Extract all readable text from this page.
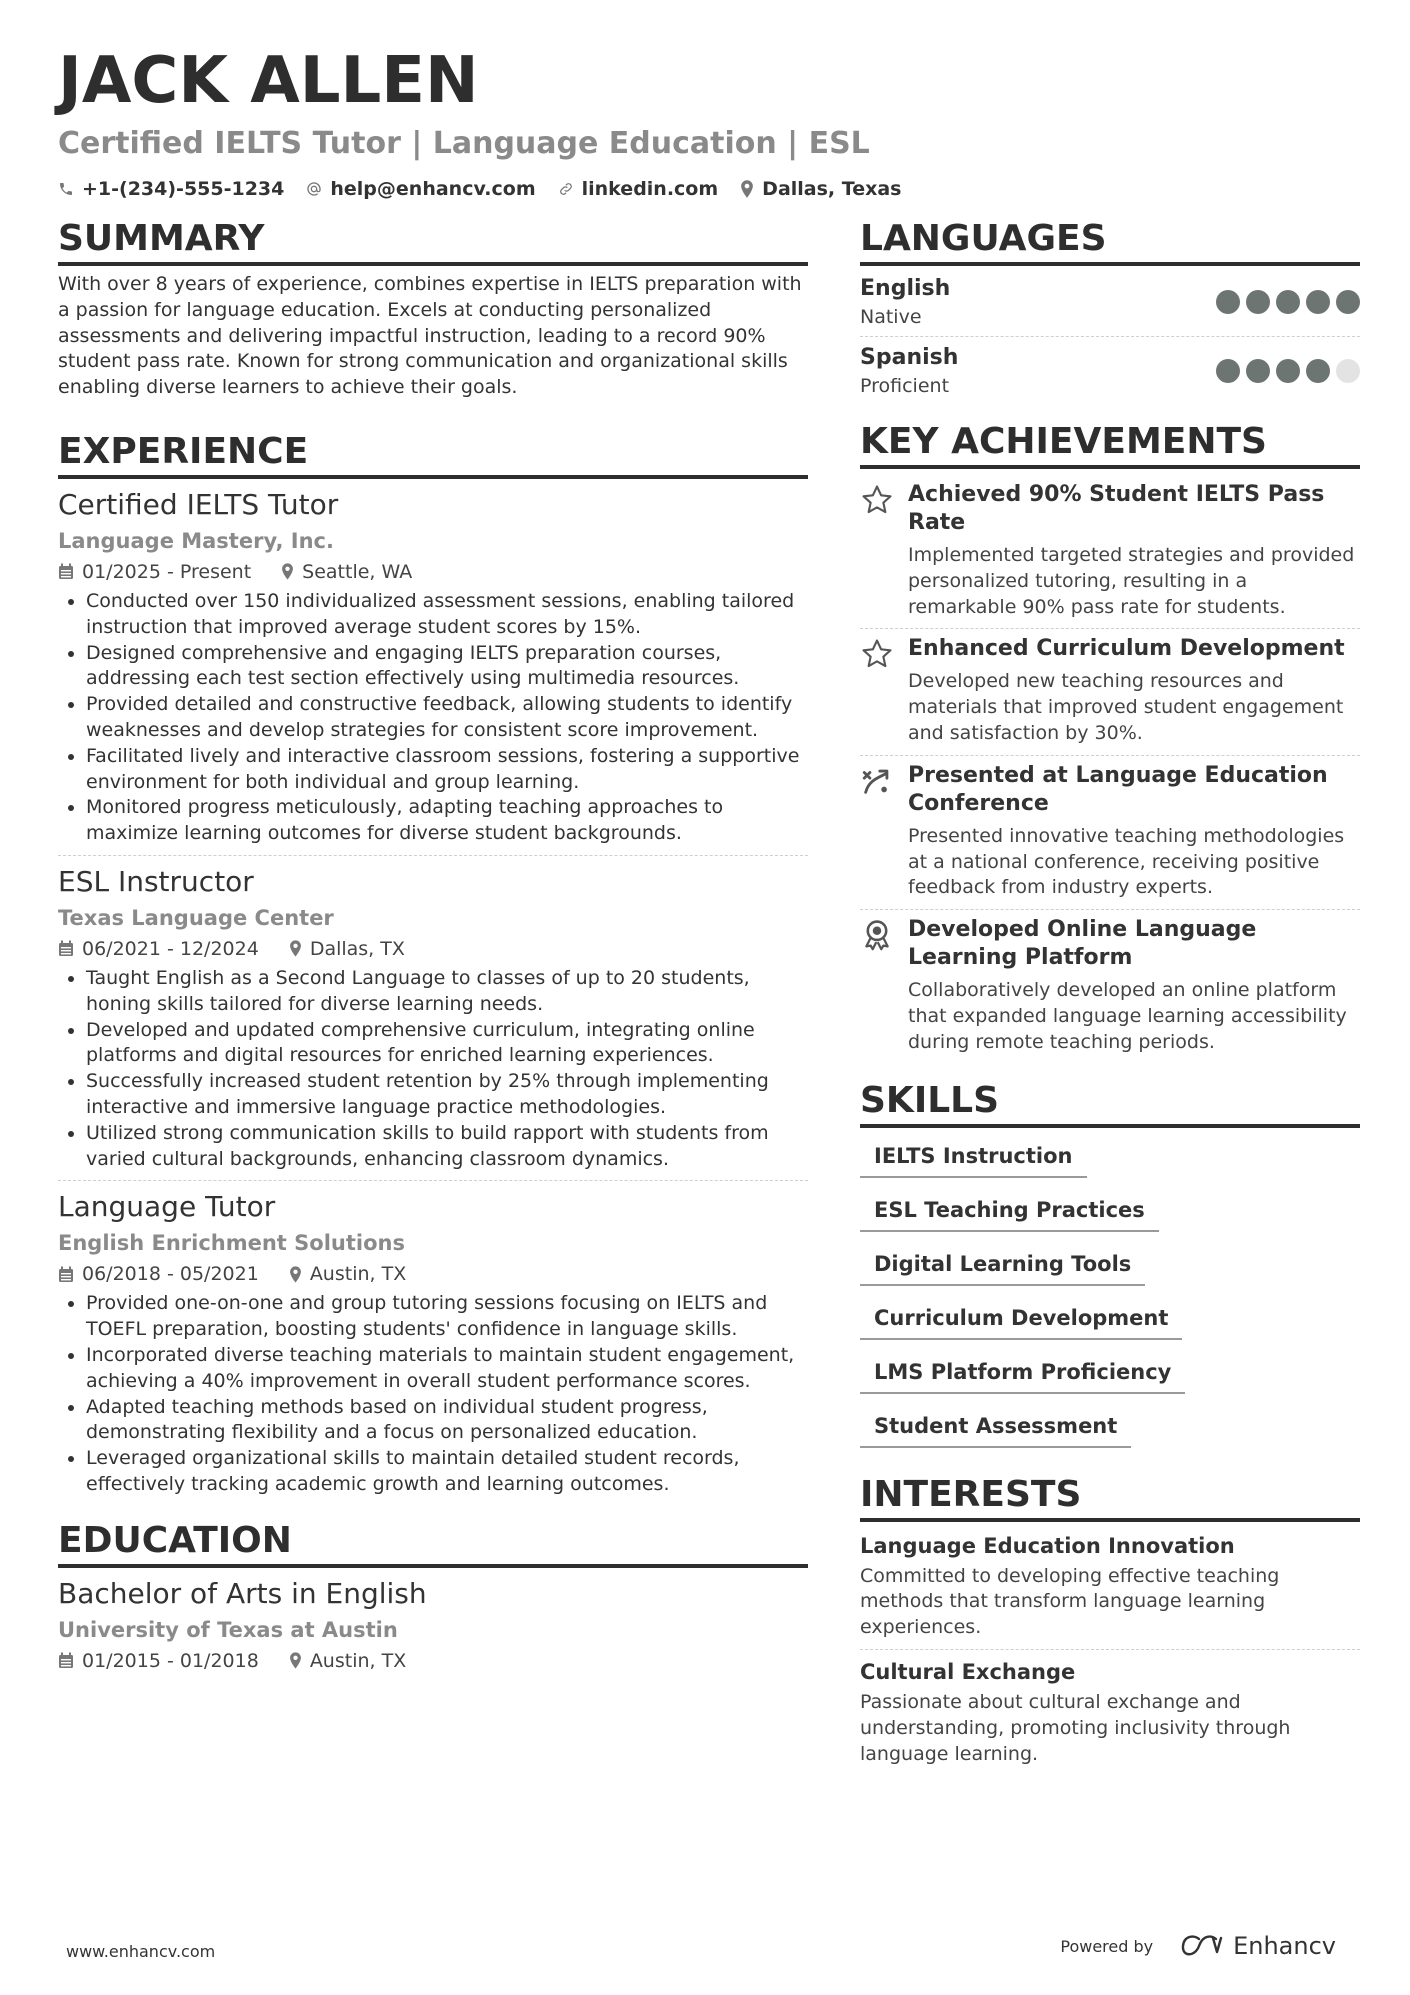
JACK ALLEN
Certified IELTS Tutor | Language Education | ESL
+1-(234)-555-1234 help@enhancv.com linkedin.com Dallas, Texas
SUMMARY
With over 8 years of experience, combines expertise in IELTS preparation with a passion for language education. Excels at conducting personalized assessments and delivering impactful instruction, leading to a record 90% student pass rate. Known for strong communication and organizational skills enabling diverse learners to achieve their goals.
EXPERIENCE
Certified IELTS Tutor
Language Mastery, Inc.
01/2025 - Present	Seattle, WA
• Conducted over 150 individualized assessment sessions, enabling tailored instruction that improved average student scores by 15%.
• Designed comprehensive and engaging IELTS preparation courses, addressing each test section effectively using multimedia resources.
• Provided detailed and constructive feedback, allowing students to identify weaknesses and develop strategies for consistent score improvement.
• Facilitated lively and interactive classroom sessions, fostering a supportive environment for both individual and group learning.
• Monitored progress meticulously, adapting teaching approaches to maximize learning outcomes for diverse student backgrounds.
ESL Instructor
Texas Language Center
06/2021 - 12/2024	Dallas, TX
• Taught English as a Second Language to classes of up to 20 students, honing skills tailored for diverse learning needs.
• Developed and updated comprehensive curriculum, integrating online platforms and digital resources for enriched learning experiences.
• Successfully increased student retention by 25% through implementing interactive and immersive language practice methodologies.
• Utilized strong communication skills to build rapport with students from varied cultural backgrounds, enhancing classroom dynamics.
Language Tutor
English Enrichment Solutions
06/2018 - 05/2021	Austin, TX
• Provided one-on-one and group tutoring sessions focusing on IELTS and TOEFL preparation, boosting students' confidence in language skills.
• Incorporated diverse teaching materials to maintain student engagement, achieving a 40% improvement in overall student performance scores.
• Adapted teaching methods based on individual student progress, demonstrating flexibility and a focus on personalized education.
• Leveraged organizational skills to maintain detailed student records, effectively tracking academic growth and learning outcomes.
EDUCATION
Bachelor of Arts in English
University of Texas at Austin
01/2015 - 01/2018	Austin, TX
LANGUAGES
English
Native
Spanish
Proficient
KEY ACHIEVEMENTS
Achieved 90% Student IELTS Pass Rate
Implemented targeted strategies and provided personalized tutoring, resulting in a remarkable 90% pass rate for students.
Enhanced Curriculum Development
Developed new teaching resources and materials that improved student engagement and satisfaction by 30%.
Presented at Language Education Conference
Presented innovative teaching methodologies at a national conference, receiving positive feedback from industry experts.
Developed Online Language Learning Platform
Collaboratively developed an online platform that expanded language learning accessibility during remote teaching periods.
SKILLS
IELTS Instruction
ESL Teaching Practices
Digital Learning Tools
Curriculum Development
LMS Platform Proficiency
Student Assessment
INTERESTS
Language Education Innovation
Committed to developing effective teaching methods that transform language learning experiences.
Cultural Exchange
Passionate about cultural exchange and understanding, promoting inclusivity through language learning.
www.enhancv.com	Powered by	Enhancv
